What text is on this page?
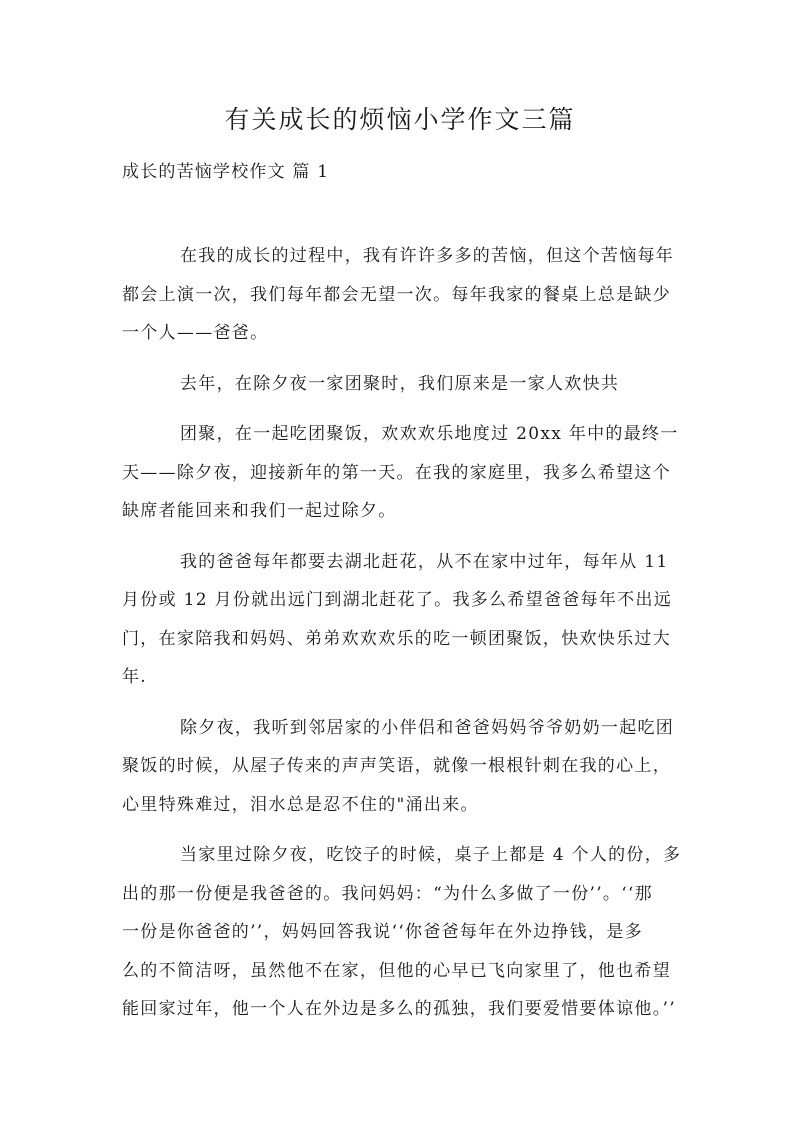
有关成长的烦恼小学作文三篇

成长的苦恼学校作文 篇 1

在我的成长的过程中，我有许许多多的苦恼，但这个苦恼每年
都会上演一次，我们每年都会无望一次。每年我家的餐桌上总是缺少
一个人——爸爸。

去年，在除夕夜一家团聚时，我们原来是一家人欢快共

团聚，在一起吃团聚饭，欢欢欢乐地度过 20xx 年中的最终一
天——除夕夜，迎接新年的第一天。在我的家庭里，我多么希望这个
缺席者能回来和我们一起过除夕。

我的爸爸每年都要去湖北赶花，从不在家中过年，每年从 11
月份或 12 月份就出远门到湖北赶花了。我多么希望爸爸每年不出远
门，在家陪我和妈妈、弟弟欢欢欢乐的吃一顿团聚饭，快欢快乐过大
年.

除夕夜，我听到邻居家的小伴侣和爸爸妈妈爷爷奶奶一起吃团
聚饭的时候，从屋子传来的声声笑语，就像一根根针刺在我的心上，
心里特殊难过，泪水总是忍不住的"涌出来。

当家里过除夕夜，吃饺子的时候，桌子上都是 4 个人的份，多
出的那一份便是我爸爸的。我问妈妈：“为什么多做了一份’’。‘‘那
一份是你爸爸的’’，妈妈回答我说‘‘你爸爸每年在外边挣钱，是多
么的不简洁呀，虽然他不在家，但他的心早已飞向家里了，他也希望
能回家过年，他一个人在外边是多么的孤独，我们要爱惜要体谅他。’’
